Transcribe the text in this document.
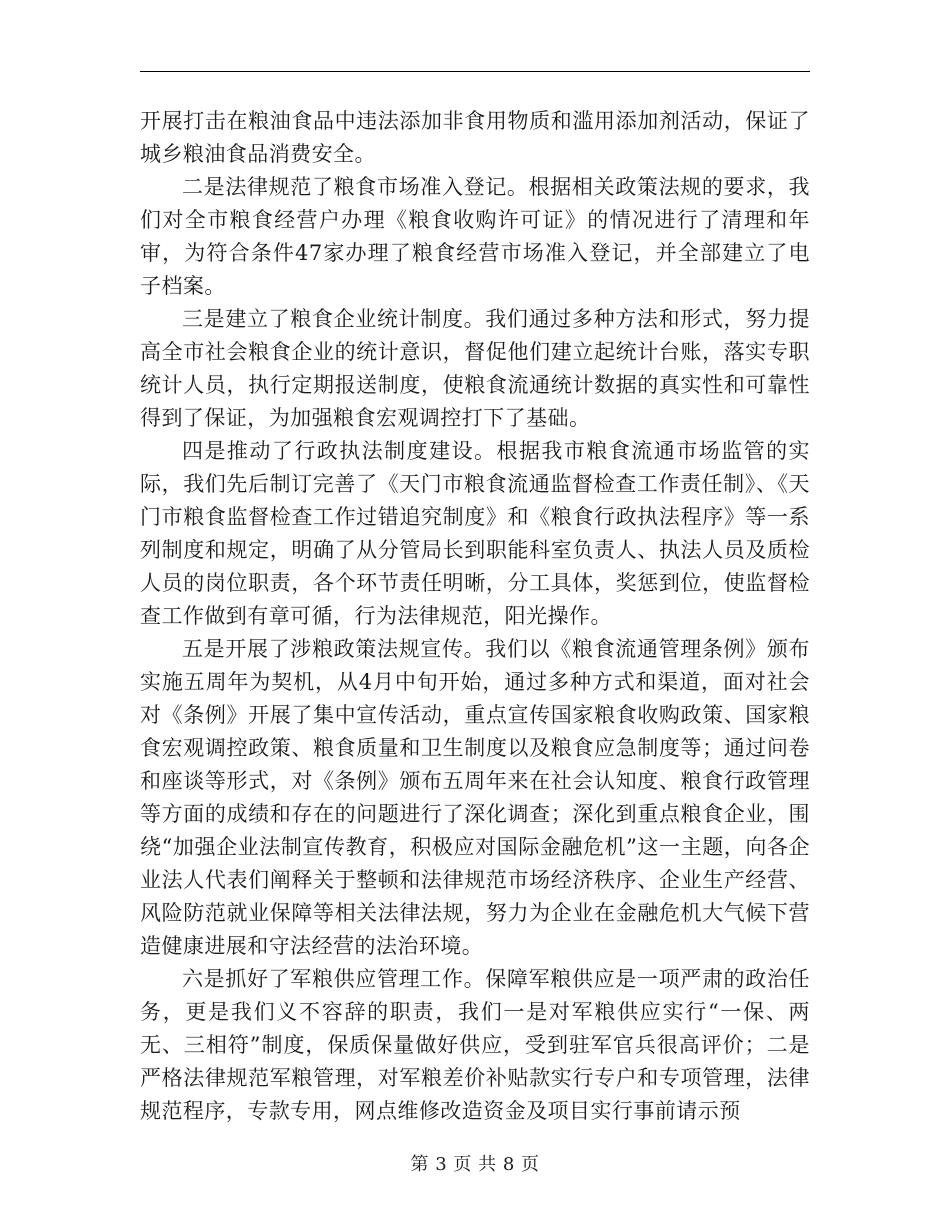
开展打击在粮油食品中违法添加非食用物质和滥用添加剂活动，保证了城乡粮油食品消费安全。

二是法律规范了粮食市场准入登记。根据相关政策法规的要求，我们对全市粮食经营户办理《粮食收购许可证》的情况进行了清理和年审，为符合条件47家办理了粮食经营市场准入登记，并全部建立了电子档案。

三是建立了粮食企业统计制度。我们通过多种方法和形式，努力提高全市社会粮食企业的统计意识，督促他们建立起统计台账，落实专职统计人员，执行定期报送制度，使粮食流通统计数据的真实性和可靠性得到了保证，为加强粮食宏观调控打下了基础。

四是推动了行政执法制度建设。根据我市粮食流通市场监管的实际，我们先后制订完善了《天门市粮食流通监督检查工作责任制》、《天门市粮食监督检查工作过错追究制度》和《粮食行政执法程序》等一系列制度和规定，明确了从分管局长到职能科室负责人、执法人员及质检人员的岗位职责，各个环节责任明晰，分工具体，奖惩到位，使监督检查工作做到有章可循，行为法律规范，阳光操作。

五是开展了涉粮政策法规宣传。我们以《粮食流通管理条例》颁布实施五周年为契机，从4月中旬开始，通过多种方式和渠道，面对社会对《条例》开展了集中宣传活动，重点宣传国家粮食收购政策、国家粮食宏观调控政策、粮食质量和卫生制度以及粮食应急制度等；通过问卷和座谈等形式，对《条例》颁布五周年来在社会认知度、粮食行政管理等方面的成绩和存在的问题进行了深化调查；深化到重点粮食企业，围绕“加强企业法制宣传教育，积极应对国际金融危机”这一主题，向各企业法人代表们阐释关于整顿和法律规范市场经济秩序、企业生产经营、风险防范就业保障等相关法律法规，努力为企业在金融危机大气候下营造健康进展和守法经营的法治环境。

六是抓好了军粮供应管理工作。保障军粮供应是一项严肃的政治任务，更是我们义不容辞的职责，我们一是对军粮供应实行“一保、两无、三相符”制度，保质保量做好供应，受到驻军官兵很高评价；二是严格法律规范军粮管理，对军粮差价补贴款实行专户和专项管理，法律规范程序，专款专用，网点维修改造资金及项目实行事前请示预

第 3 页 共 8 页
